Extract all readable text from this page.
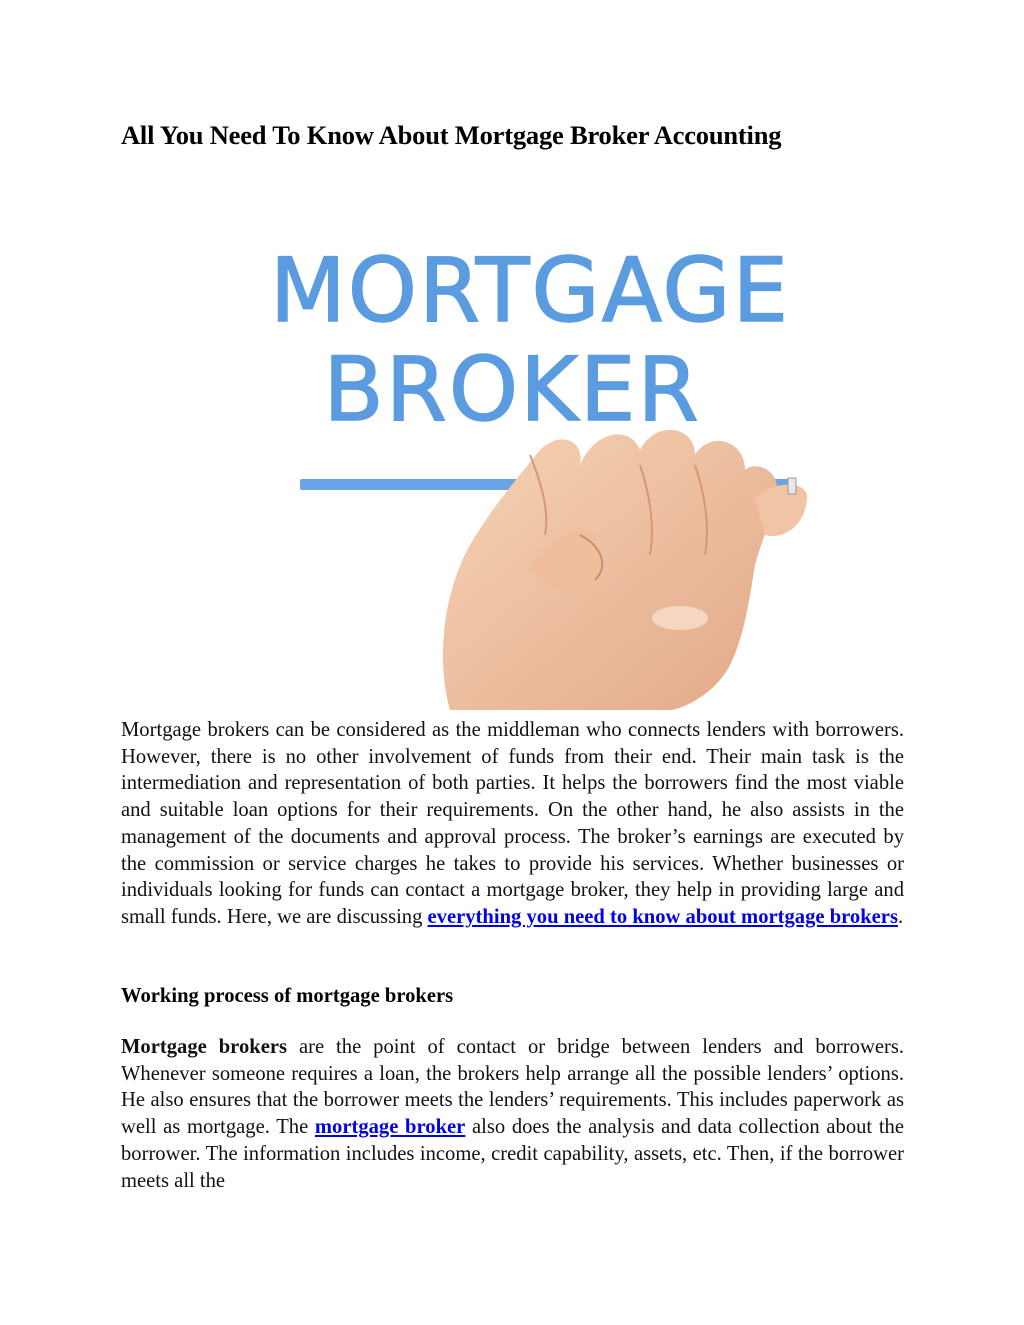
All You Need To Know About Mortgage Broker Accounting
MORTGAGE
BROKER
Mortgage brokers can be considered as the middleman who connects lenders with borrowers. However, there is no other involvement of funds from their end. Their main task is the intermediation and representation of both parties. It helps the borrowers find the most viable and suitable loan options for their requirements. On the other hand, he also assists in the management of the documents and approval process. The broker’s earnings are executed by the commission or service charges he takes to provide his services. Whether businesses or individuals looking for funds can contact a mortgage broker, they help in providing large and small funds. Here, we are discussing everything you need to know about mortgage brokers.
Working process of mortgage brokers
Mortgage brokers are the point of contact or bridge between lenders and borrowers. Whenever someone requires a loan, the brokers help arrange all the possible lenders’ options. He also ensures that the borrower meets the lenders’ requirements. This includes paperwork as well as mortgage. The mortgage broker also does the analysis and data collection about the borrower. The information includes income, credit capability, assets, etc. Then, if the borrower meets all the
